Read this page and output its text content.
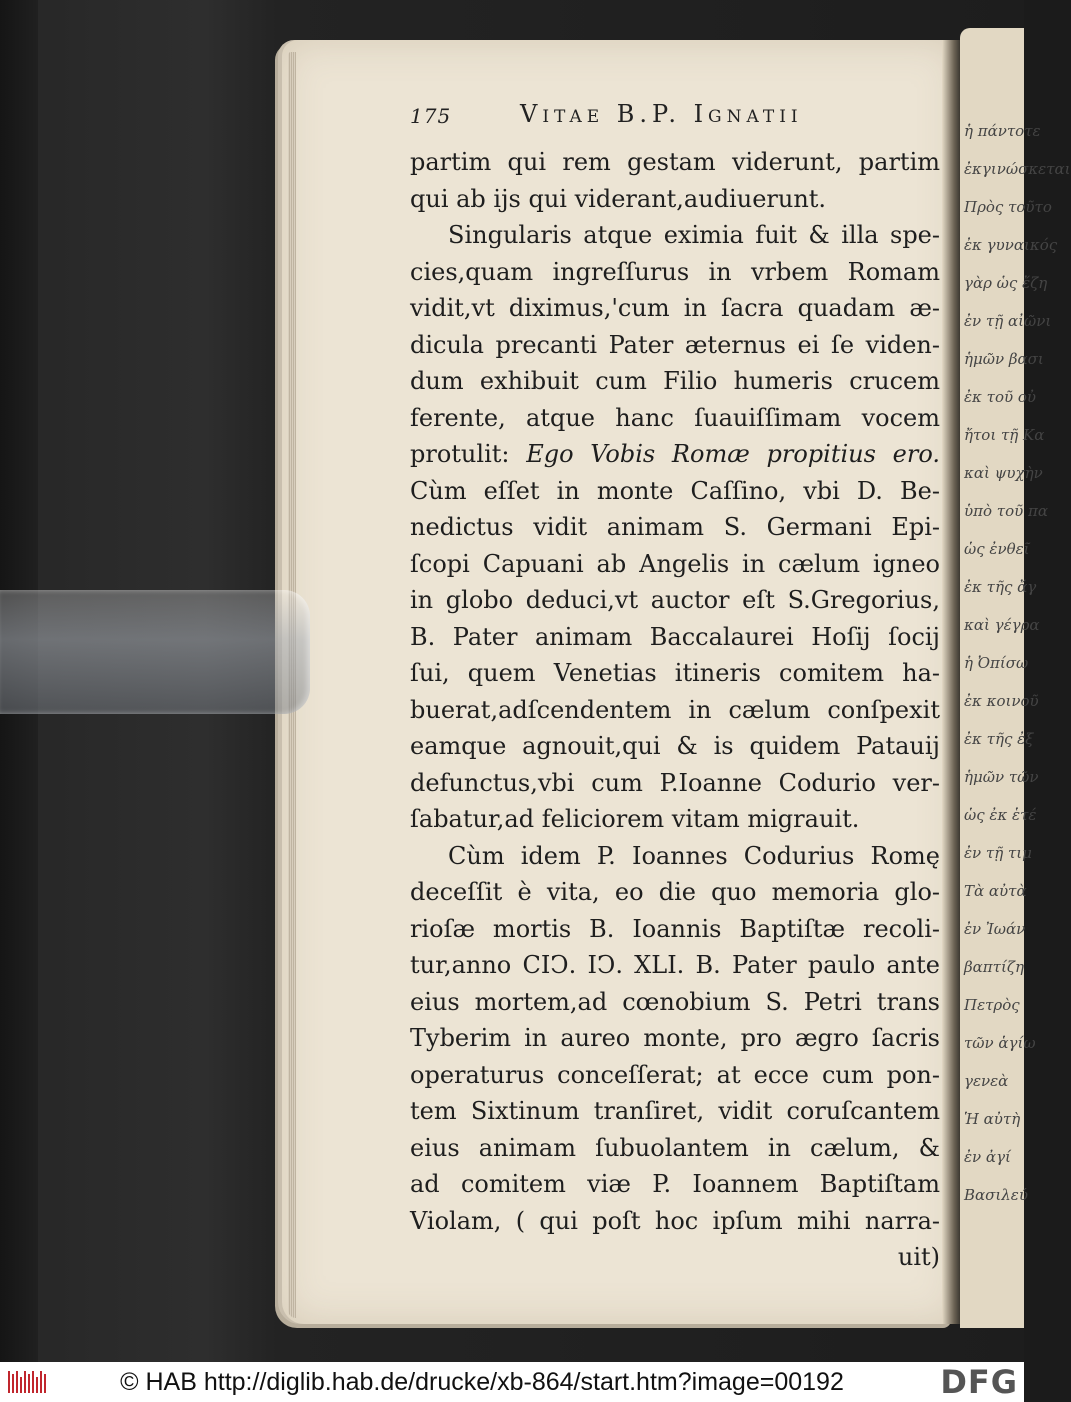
ἡ πάντοτε
ἐκγινώσκεται
Πρὸς τοῦτο
ἐκ γυναικός
γὰρ ὡς ἔζη
ἐν τῇ αἰῶνι
ἡμῶν βασι
ἐκ τοῦ οὐ
ἤτοι τῇ Κα
καὶ ψυχὴν
ὑπὸ τοῦ πα
ὡς ἐνθεῖ
ἐκ τῆς ἄγ
καὶ γέγρα
ἡ Ὀπίσω
ἐκ κοινοῦ
ἐκ τῆς ἐξ
ἡμῶν τῶν
ὡς ἐκ ἑτέ
ἐν τῇ τιμ
Τὰ αὐτὰ
ἐν Ἰωάν
βαπτίζη
Πετρὸς
τῶν ἁγίω
γενεὰ
Ἡ αὐτὴ
ἐν ἀγί
Βασιλεύ
175	Vitae B.P. Ignatii
partim qui rem gestam viderunt, partim
qui ab ijs qui viderant,audiuerunt.
Singularis atque eximia fuit & illa spe-
cies,quam ingreſſurus in vrbem Romam
vidit,vt diximus,'cum in ſacra quadam æ-
dicula precanti Pater æternus ei ſe viden-
dum exhibuit cum Filio humeris crucem
ferente, atque hanc ſuauiſſimam vocem
protulit: Ego Vobis Romæ propitius ero.
Cùm eſſet in monte Caſſino, vbi D. Be-
nedictus vidit animam S. Germani Epi-
ſcopi Capuani ab Angelis in cælum igneo
in globo deduci,vt auctor eſt S.Gregorius,
B. Pater animam Baccalaurei Hoſij ſocij
ſui, quem Venetias itineris comitem ha-
buerat,adſcendentem in cælum conſpexit
eamque agnouit,qui & is quidem Patauij
defunctus,vbi cum P.Ioanne Codurio ver-
ſabatur,ad feliciorem vitam migrauit.
Cùm idem P. Ioannes Codurius Romę
deceſſit è vita, eo die quo memoria glo-
rioſæ mortis B. Ioannis Baptiſtæ recoli-
tur,anno CIↃ. IↃ. XLI. B. Pater paulo ante
eius mortem,ad cœnobium S. Petri trans
Tyberim in aureo monte, pro ægro ſacris
operaturus conceſſerat; at ecce cum pon-
tem Sixtinum tranſiret, vidit coruſcantem
eius animam ſubuolantem in cælum, &
ad comitem viæ P. Ioannem Baptiſtam
Violam, ( qui poſt hoc ipſum mihi narra-
uit)
© HAB http://diglib.hab.de/drucke/xb-864/start.htm?image=00192	DFG
